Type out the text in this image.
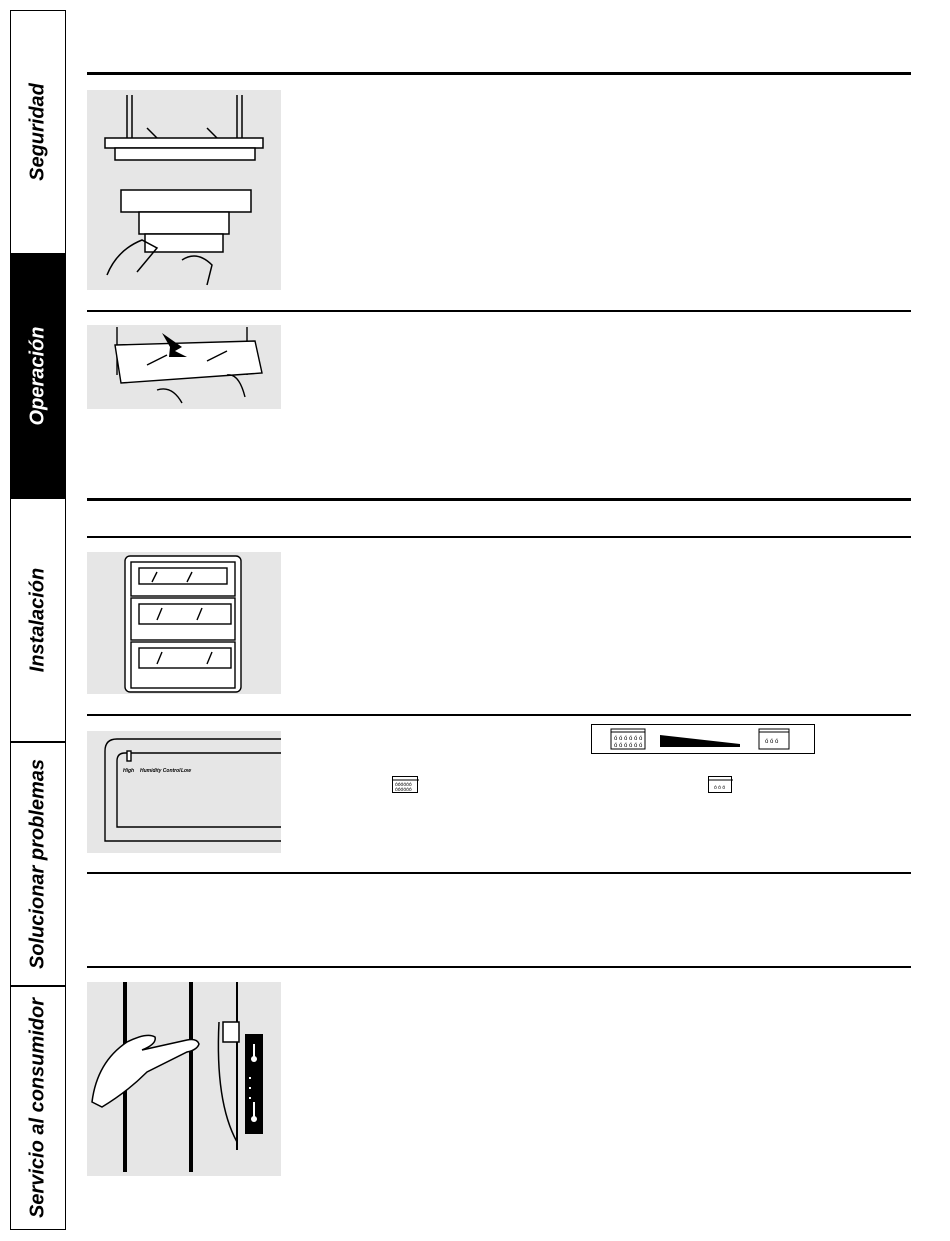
Seguridad
Operación
Instalación
Solucionar problemas
Servicio al consumidor
High Humidity Control Low
ó ó ó ó ó ó
ó ó ó ó ó ó
ó ó ó
óóóóóó
óóóóóó	ó ó ó
